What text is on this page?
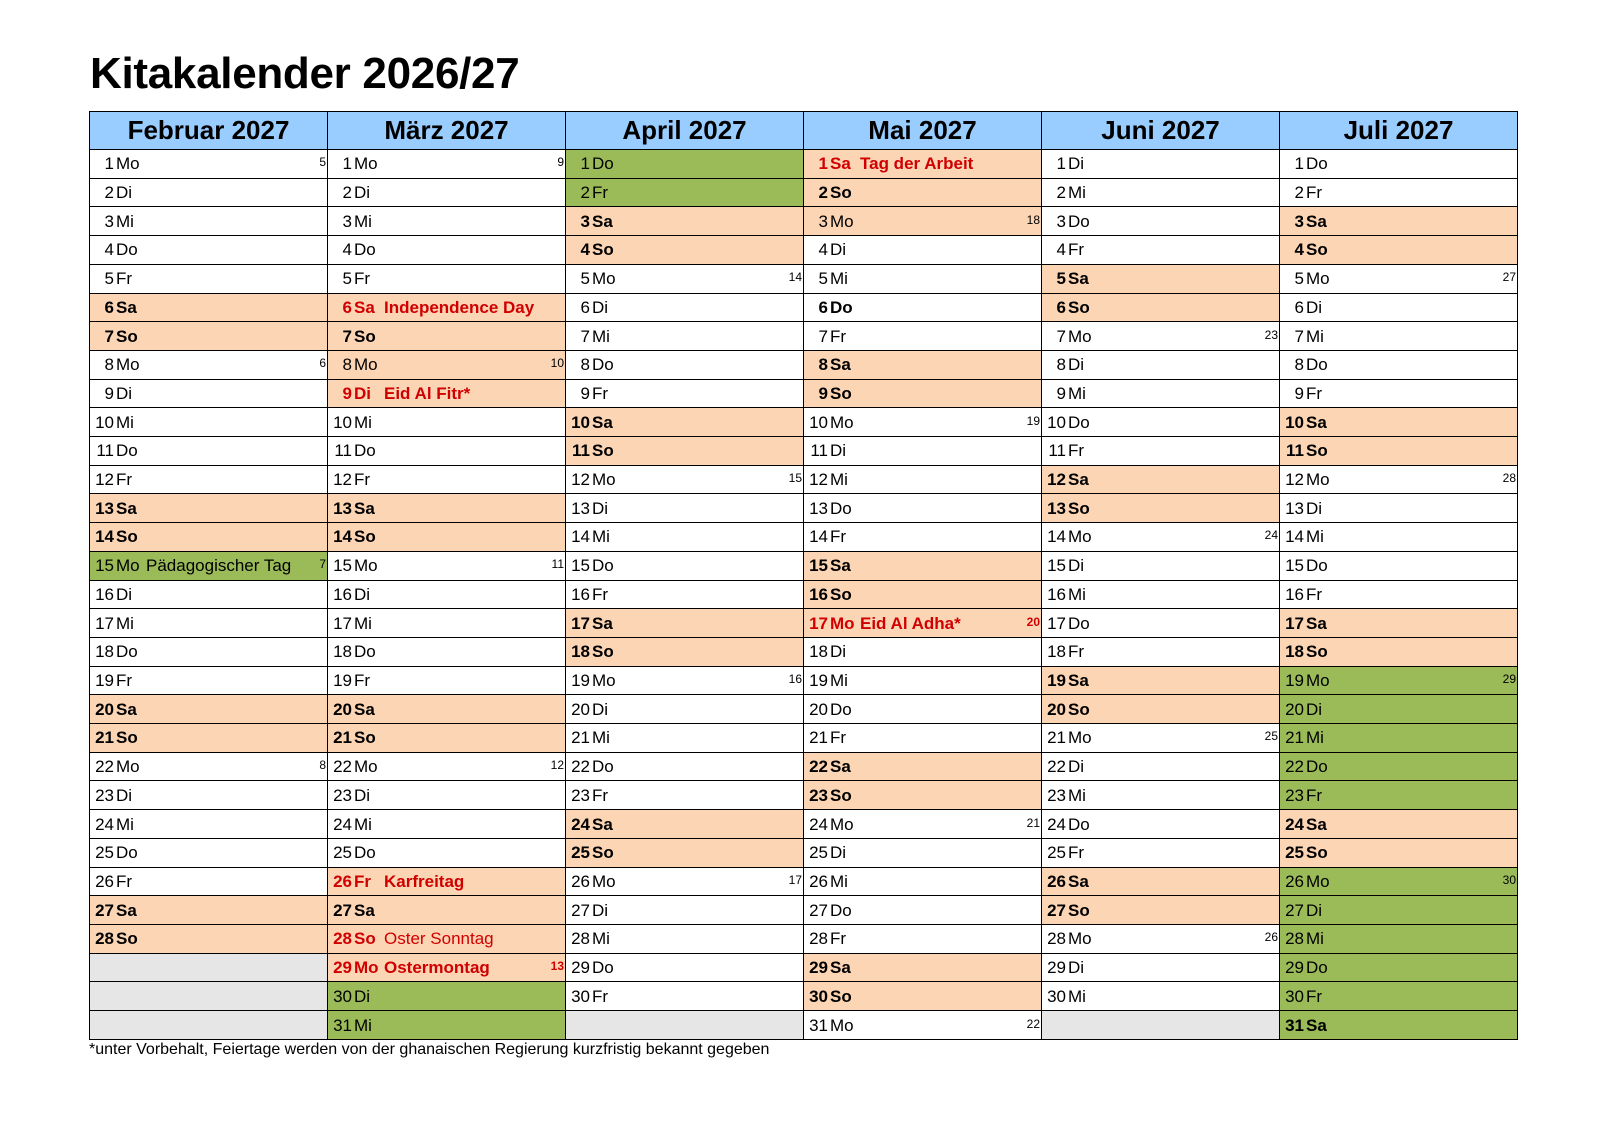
Kitakalender 2026/27
Februar 2027	März 2027	April 2027	Mai 2027	Juni 2027	Juli 2027

1 Mo 5	1 Mo 9	1 Do	1 Sa Tag der Arbeit	1 Di	1 Do

2 Di	2 Di	2 Fr	2 So	2 Mi	2 Fr

3 Mi	3 Mi	3 Sa	3 Mo 18	3 Do	3 Sa

4 Do	4 Do	4 So	4 Di	4 Fr	4 So

5 Fr	5 Fr	5 Mo 14	5 Mi	5 Sa	5 Mo 27

6 Sa	6 Sa Independence Day	6 Di	6 Do	6 So	6 Di

7 So	7 So	7 Mi	7 Fr	7 Mo 23	7 Mi

8 Mo 6	8 Mo 10	8 Do	8 Sa	8 Di	8 Do

9 Di	9 Di Eid Al Fitr*	9 Fr	9 So	9 Mi	9 Fr

10 Mi	10 Mi	10 Sa	10 Mo 19	10 Do	10 Sa

11 Do	11 Do	11 So	11 Di	11 Fr	11 So

12 Fr	12 Fr	12 Mo 15	12 Mi	12 Sa	12 Mo 28

13 Sa	13 Sa	13 Di	13 Do	13 So	13 Di

14 So	14 So	14 Mi	14 Fr	14 Mo 24	14 Mi

15 Mo Pädagogischer Tag 7	15 Mo 11	15 Do	15 Sa	15 Di	15 Do

16 Di	16 Di	16 Fr	16 So	16 Mi	16 Fr

17 Mi	17 Mi	17 Sa	17 Mo Eid Al Adha* 20	17 Do	17 Sa

18 Do	18 Do	18 So	18 Di	18 Fr	18 So

19 Fr	19 Fr	19 Mo 16	19 Mi	19 Sa	19 Mo 29

20 Sa	20 Sa	20 Di	20 Do	20 So	20 Di

21 So	21 So	21 Mi	21 Fr	21 Mo 25	21 Mi

22 Mo 8	22 Mo 12	22 Do	22 Sa	22 Di	22 Do

23 Di	23 Di	23 Fr	23 So	23 Mi	23 Fr

24 Mi	24 Mi	24 Sa	24 Mo 21	24 Do	24 Sa

25 Do	25 Do	25 So	25 Di	25 Fr	25 So

26 Fr	26 Fr Karfreitag	26 Mo 17	26 Mi	26 Sa	26 Mo 30

27 Sa	27 Sa	27 Di	27 Do	27 So	27 Di

28 So	28 So Oster Sonntag	28 Mi	28 Fr	28 Mo 26	28 Mi

	29 Mo Ostermontag 13	29 Do	29 Sa	29 Di	29 Do

	30 Di	30 Fr	30 So	30 Mi	30 Fr

	31 Mi		31 Mo 22		31 Sa

*unter Vorbehalt, Feiertage werden von der ghanaischen Regierung kurzfristig bekannt gegeben
